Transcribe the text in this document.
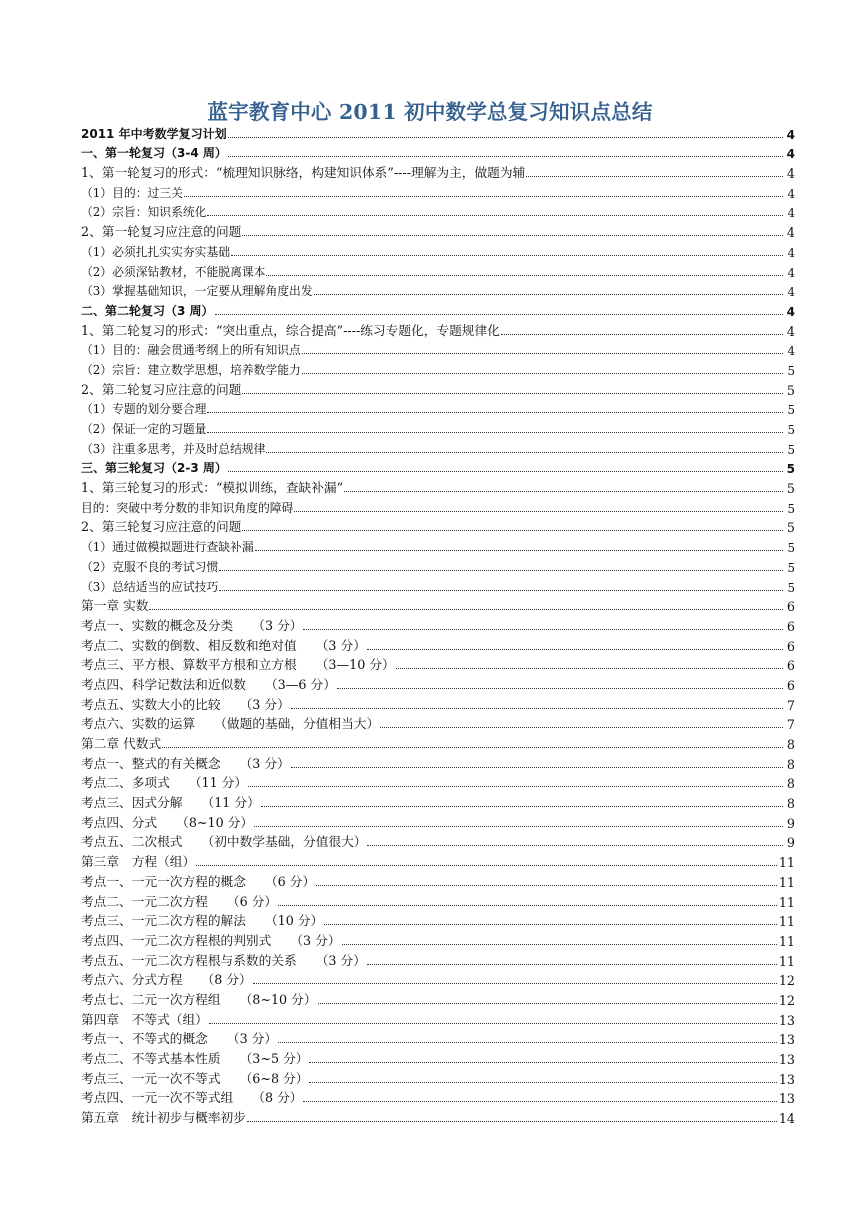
蓝宇教育中心 2011 初中数学总复习知识点总结
2011 年中考数学复习计划	4
一、第一轮复习（3-4 周）	4
1、第一轮复习的形式：“梳理知识脉络，构建知识体系”----理解为主，做题为辅	4
（1）目的：过三关	4
（2）宗旨：知识系统化	4
2、第一轮复习应注意的问题	4
（1）必须扎扎实实夯实基础	4
（2）必须深钻教材，不能脱离课本	4
（3）掌握基础知识，一定要从理解角度出发	4
二、第二轮复习（3 周）	4
1、第二轮复习的形式：“突出重点，综合提高”----练习专题化，专题规律化	4
（1）目的：融会贯通考纲上的所有知识点	4
（2）宗旨：建立数学思想，培养数学能力	5
2、第二轮复习应注意的问题	5
（1）专题的划分要合理	5
（2）保证一定的习题量	5
（3）注重多思考，并及时总结规律	5
三、第三轮复习（2-3 周）	5
1、第三轮复习的形式：“模拟训练，查缺补漏”	5
目的：突破中考分数的非知识角度的障碍	5
2、第三轮复习应注意的问题	5
（1）通过做模拟题进行查缺补漏	5
（2）克服不良的考试习惯	5
（3）总结适当的应试技巧	5
第一章 实数	6
考点一、实数的概念及分类　　（3 分）	6
考点二、实数的倒数、相反数和绝对值　　（3 分）	6
考点三、平方根、算数平方根和立方根　　（3—10 分）	6
考点四、科学记数法和近似数　　（3—6 分）	6
考点五、实数大小的比较　　（3 分）	7
考点六、实数的运算　　（做题的基础，分值相当大）	7
第二章 代数式	8
考点一、整式的有关概念　　（3 分）	8
考点二、多项式　　（11 分）	8
考点三、因式分解　　（11 分）	8
考点四、分式　　（8~10 分）	9
考点五、二次根式　　（初中数学基础，分值很大）	9
第三章　方程（组）	11
考点一、一元一次方程的概念　　（6 分）	11
考点二、一元二次方程　　（6 分）	11
考点三、一元二次方程的解法　　（10 分）	11
考点四、一元二次方程根的判别式　　（3 分）	11
考点五、一元二次方程根与系数的关系　　（3 分）	11
考点六、分式方程　　（8 分）	12
考点七、二元一次方程组　　（8~10 分）	12
第四章　不等式（组）	13
考点一、不等式的概念　　（3 分）	13
考点二、不等式基本性质　　（3~5 分）	13
考点三、一元一次不等式　　（6~8 分）	13
考点四、一元一次不等式组　　（8 分）	13
第五章　统计初步与概率初步	14
